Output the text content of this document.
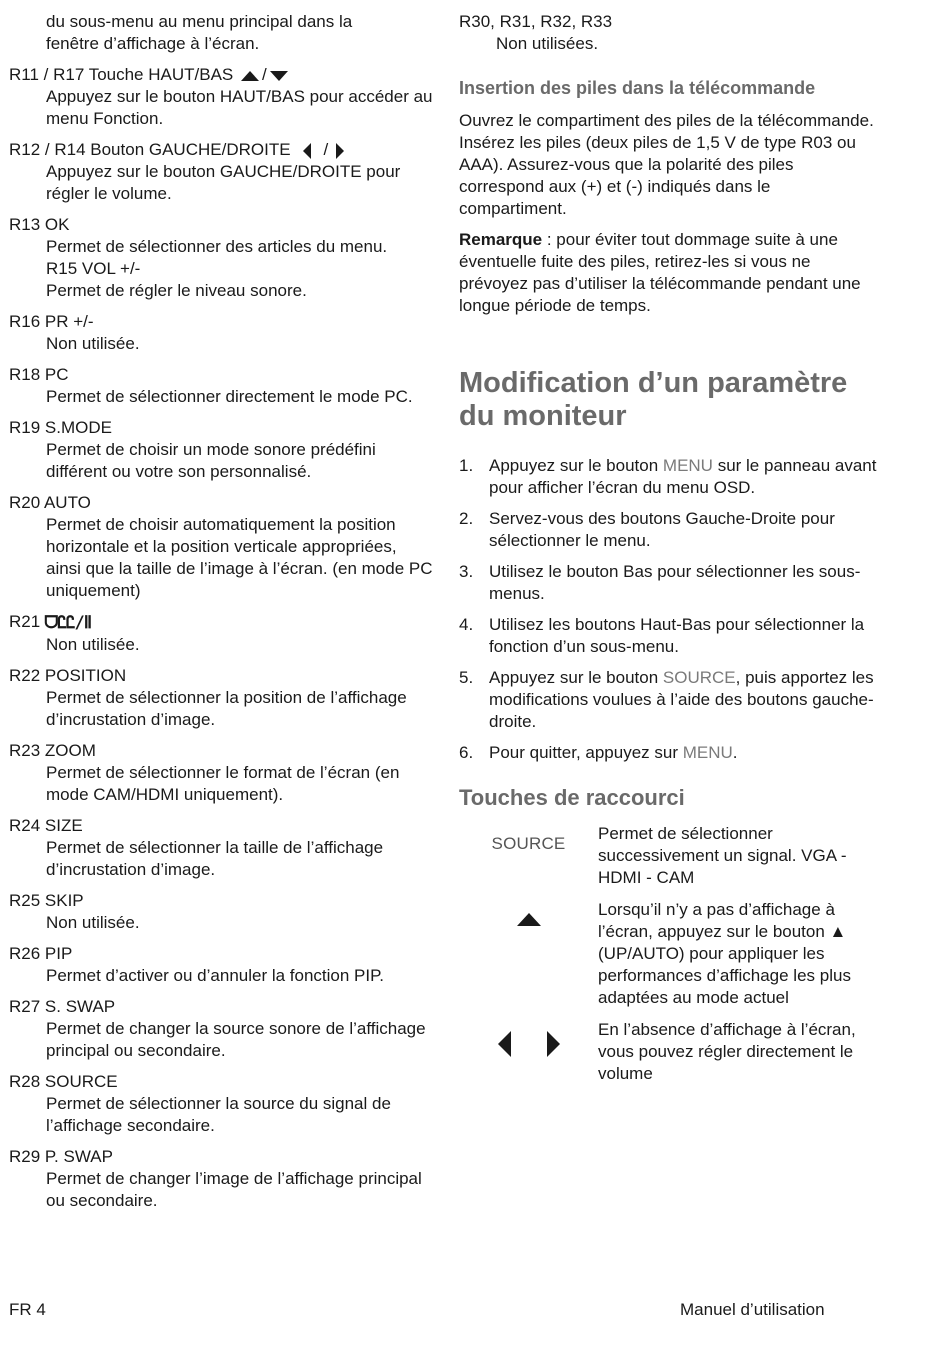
du sous-menu au menu principal dans la
fenêtre d’affichage à l’écran.
R11 / R17 Touche HAUT/BAS /
Appuyez sur le bouton HAUT/BAS pour accéder au menu Fonction.
R12 / R14 Bouton GAUCHE/DROITE /
Appuyez sur le bouton GAUCHE/DROITE pour régler le volume.
R13 OK
Permet de sélectionner des articles du menu.
R15 VOL +/-
Permet de régler le niveau sonore.
R16 PR +/-
Non utilisée.
R18 PC
Permet de sélectionner directement le mode PC.
R19 S.MODE
Permet de choisir un mode sonore prédéfini différent ou votre son personnalisé.
R20 AUTO
Permet de choisir automatiquement la position horizontale et la position verticale appropriées, ainsi que la taille de l’image à l’écran. (en mode PC uniquement)
R21 ᗜᏝᏝ/Ⅱ
Non utilisée.
R22 POSITION
Permet de sélectionner la position de l’affichage d’incrustation d’image.
R23 ZOOM
Permet de sélectionner le format de l’écran (en mode CAM/HDMI uniquement).
R24 SIZE
Permet de sélectionner la taille de l’affichage d’incrustation d’image.
R25 SKIP
Non utilisée.
R26 PIP
Permet d’activer ou d’annuler la fonction PIP.
R27 S. SWAP
Permet de changer la source sonore de l’affichage principal ou secondaire.
R28 SOURCE
Permet de sélectionner la source du signal de l’affichage secondaire.
R29 P. SWAP
Permet de changer l’image de l’affichage principal ou secondaire.
R30, R31, R32, R33
Non utilisées.
Insertion des piles dans la télécommande

Ouvrez le compartiment des piles de la télécommande. Insérez les piles (deux piles de 1,5 V de type R03 ou AAA). Assurez-vous que la polarité des piles correspond aux (+) et (-) indiqués dans le compartiment.

Remarque : pour éviter tout dommage suite à une éventuelle fuite des piles, retirez-les si vous ne prévoyez pas d’utiliser la télécommande pendant une longue période de temps.

Modification d’un paramètre du moniteur
1. Appuyez sur le bouton MENU sur le panneau avant pour afficher l’écran du menu OSD.
2. Servez-vous des boutons Gauche-Droite pour sélectionner le menu.
3. Utilisez le bouton Bas pour sélectionner les sous-menus.
4. Utilisez les boutons Haut-Bas pour sélectionner la fonction d’un sous-menu.
5. Appuyez sur le bouton SOURCE, puis apportez les modifications voulues à l’aide des boutons gauche-droite.
6. Pour quitter, appuyez sur MENU.
Touches de raccourci
SOURCE
Permet de sélectionner successivement un signal. VGA - HDMI - CAM
Lorsqu’il n’y a pas d’affichage à l’écran, appuyez sur le bouton ▲ (UP/AUTO) pour appliquer les performances d’affichage les plus adaptées au mode actuel
En l’absence d’affichage à l’écran, vous pouvez régler directement le volume
FR 4	Manuel d’utilisation
